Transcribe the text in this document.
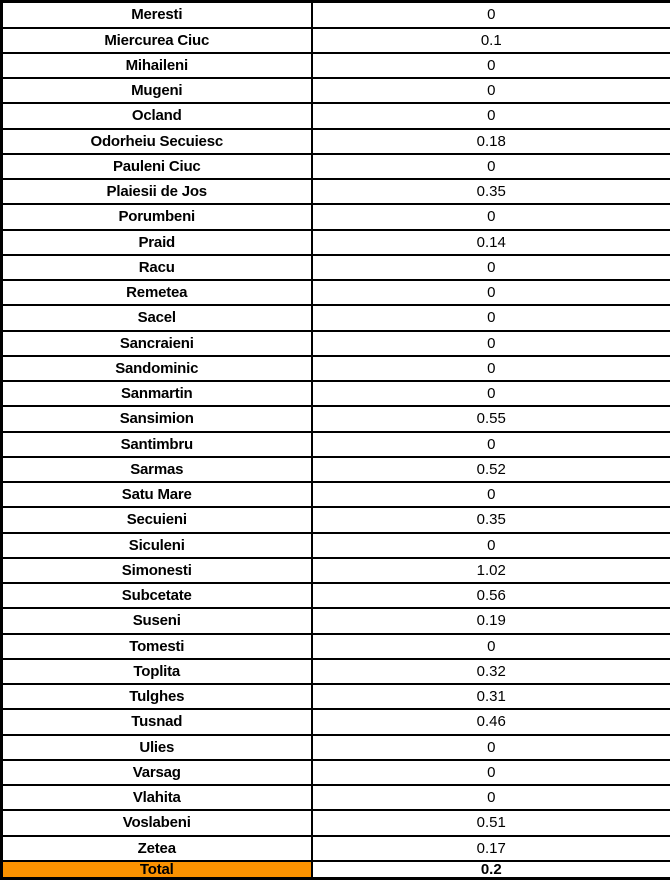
Meresti	0
Miercurea Ciuc	0.1
Mihaileni	0
Mugeni	0
Ocland	0
Odorheiu Secuiesc	0.18
Pauleni Ciuc	0
Plaiesii de Jos	0.35
Porumbeni	0
Praid	0.14
Racu	0
Remetea	0
Sacel	0
Sancraieni	0
Sandominic	0
Sanmartin	0
Sansimion	0.55
Santimbru	0
Sarmas	0.52
Satu Mare	0
Secuieni	0.35
Siculeni	0
Simonesti	1.02
Subcetate	0.56
Suseni	0.19
Tomesti	0
Toplita	0.32
Tulghes	0.31
Tusnad	0.46
Ulies	0
Varsag	0
Vlahita	0
Voslabeni	0.51
Zetea	0.17
Total	0.2
